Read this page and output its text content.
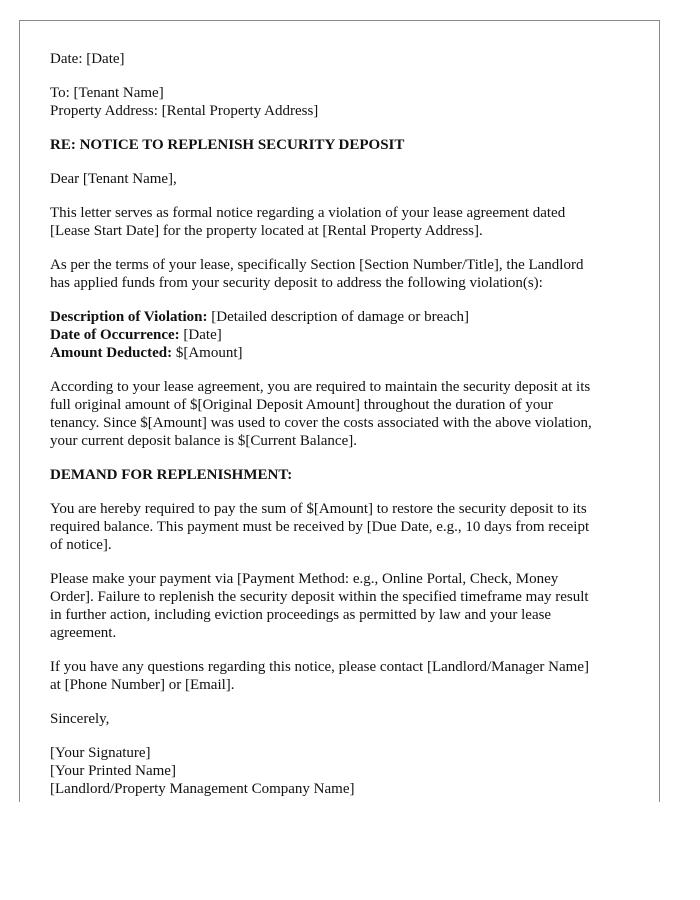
Date: [Date]

To: [Tenant Name]
Property Address: [Rental Property Address]

RE: NOTICE TO REPLENISH SECURITY DEPOSIT

Dear [Tenant Name],

This letter serves as formal notice regarding a violation of your lease agreement dated
[Lease Start Date] for the property located at [Rental Property Address].

As per the terms of your lease, specifically Section [Section Number/Title], the Landlord
has applied funds from your security deposit to address the following violation(s):

Description of Violation: [Detailed description of damage or breach]
Date of Occurrence: [Date]
Amount Deducted: $[Amount]

According to your lease agreement, you are required to maintain the security deposit at its
full original amount of $[Original Deposit Amount] throughout the duration of your
tenancy. Since $[Amount] was used to cover the costs associated with the above violation,
your current deposit balance is $[Current Balance].

DEMAND FOR REPLENISHMENT:

You are hereby required to pay the sum of $[Amount] to restore the security deposit to its
required balance. This payment must be received by [Due Date, e.g., 10 days from receipt
of notice].

Please make your payment via [Payment Method: e.g., Online Portal, Check, Money
Order]. Failure to replenish the security deposit within the specified timeframe may result
in further action, including eviction proceedings as permitted by law and your lease
agreement.

If you have any questions regarding this notice, please contact [Landlord/Manager Name]
at [Phone Number] or [Email].

Sincerely,

[Your Signature]
[Your Printed Name]
[Landlord/Property Management Company Name]
